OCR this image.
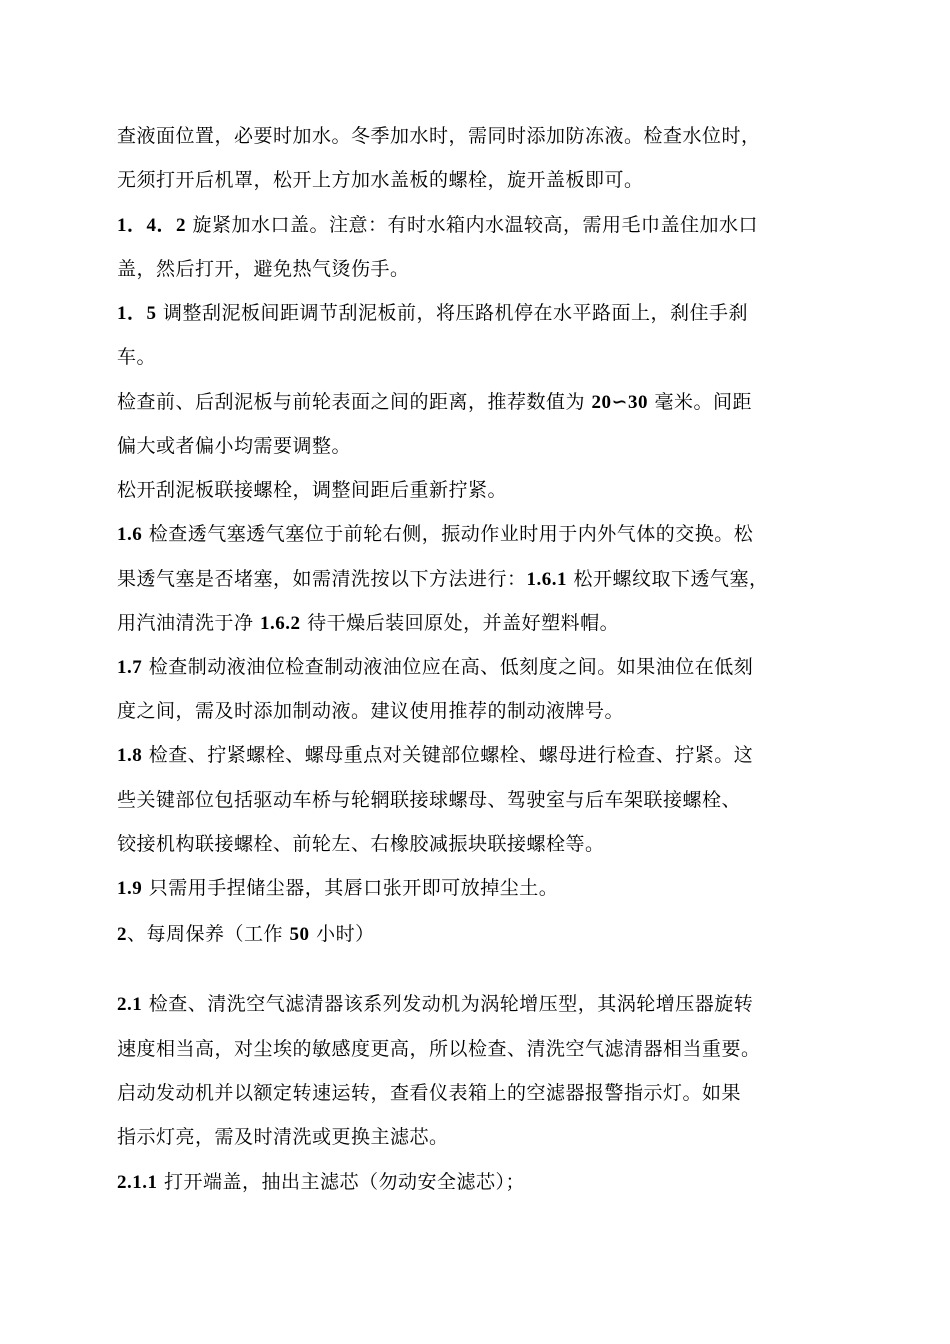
查液面位置，必要时加水。冬季加水时，需同时添加防冻液。检查水位时，
无须打开后机罩，松开上方加水盖板的螺栓，旋开盖板即可。
1．4．2 旋紧加水口盖。注意：有时水箱内水温较高，需用毛巾盖住加水口
盖，然后打开，避免热气烫伤手。
1．5 调整刮泥板间距调节刮泥板前，将压路机停在水平路面上，刹住手刹
车。
检查前、后刮泥板与前轮表面之间的距离，推荐数值为 20∽30 毫米。间距
偏大或者偏小均需要调整。
松开刮泥板联接螺栓，调整间距后重新拧紧。
1.6 检查透气塞透气塞位于前轮右侧，振动作业时用于内外气体的交换。松
果透气塞是否堵塞，如需清洗按以下方法进行：1.6.1 松开螺纹取下透气塞，
用汽油清洗于净 1.6.2 待干燥后装回原处，并盖好塑料帽。
1.7 检查制动液油位检查制动液油位应在高、低刻度之间。如果油位在低刻
度之间，需及时添加制动液。建议使用推荐的制动液牌号。
1.8 检查、拧紧螺栓、螺母重点对关键部位螺栓、螺母进行检查、拧紧。这
些关键部位包括驱动车桥与轮辋联接球螺母、驾驶室与后车架联接螺栓、
铰接机构联接螺栓、前轮左、右橡胶减振块联接螺栓等。
1.9 只需用手捏储尘器，其唇口张开即可放掉尘土。
2、每周保养（工作 50 小时）
2.1 检查、清洗空气滤清器该系列发动机为涡轮增压型，其涡轮增压器旋转
速度相当高，对尘埃的敏感度更高，所以检查、清洗空气滤清器相当重要。
启动发动机并以额定转速运转，查看仪表箱上的空滤器报警指示灯。如果
指示灯亮，需及时清洗或更换主滤芯。
2.1.1 打开端盖，抽出主滤芯（勿动安全滤芯）；
